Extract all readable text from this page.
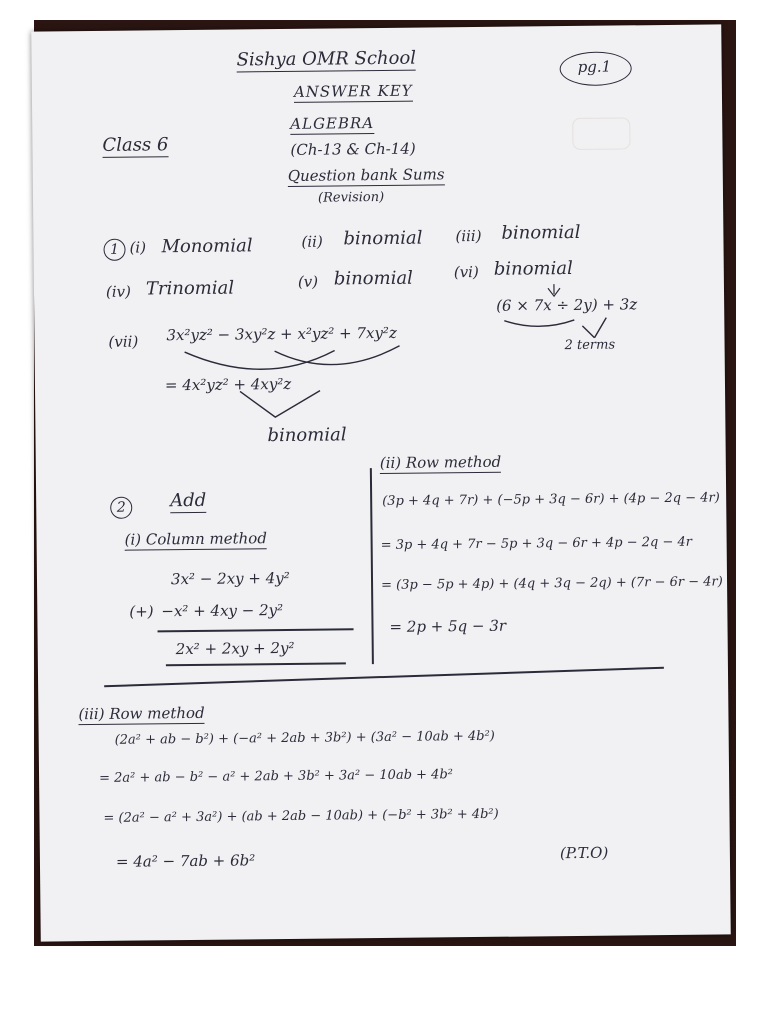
Sishya OMR School
ANSWER KEY
ALGEBRA
(Ch-13 & Ch-14)
Question bank Sums
(Revision)
Class 6
pg.1
1 (i) Monomial	(ii) binomial (iii) binomial
(iv) Trinomial	(v) binomial	(vi) binomial
(6 × 7x ÷ 2y) + 3z
2 terms
(vii) 3x²yz² − 3xy²z + x²yz² + 7xy²z
= 4x²yz² + 4xy²z
binomial
2	Add
(i) Column method
3x² − 2xy + 4y²
(+) −x² + 4xy − 2y²
2x² + 2xy + 2y²
(ii) Row method
(3p + 4q + 7r) + (−5p + 3q − 6r) + (4p − 2q − 4r)
= 3p + 4q + 7r − 5p + 3q − 6r + 4p − 2q − 4r
= (3p − 5p + 4p) + (4q + 3q − 2q) + (7r − 6r − 4r)
= 2p + 5q − 3r
(iii) Row method
(2a² + ab − b²) + (−a² + 2ab + 3b²) + (3a² − 10ab + 4b²)
= 2a² + ab − b² − a² + 2ab + 3b² + 3a² − 10ab + 4b²
= (2a² − a² + 3a²) + (ab + 2ab − 10ab) + (−b² + 3b² + 4b²)
= 4a² − 7ab + 6b²	(P.T.O)
